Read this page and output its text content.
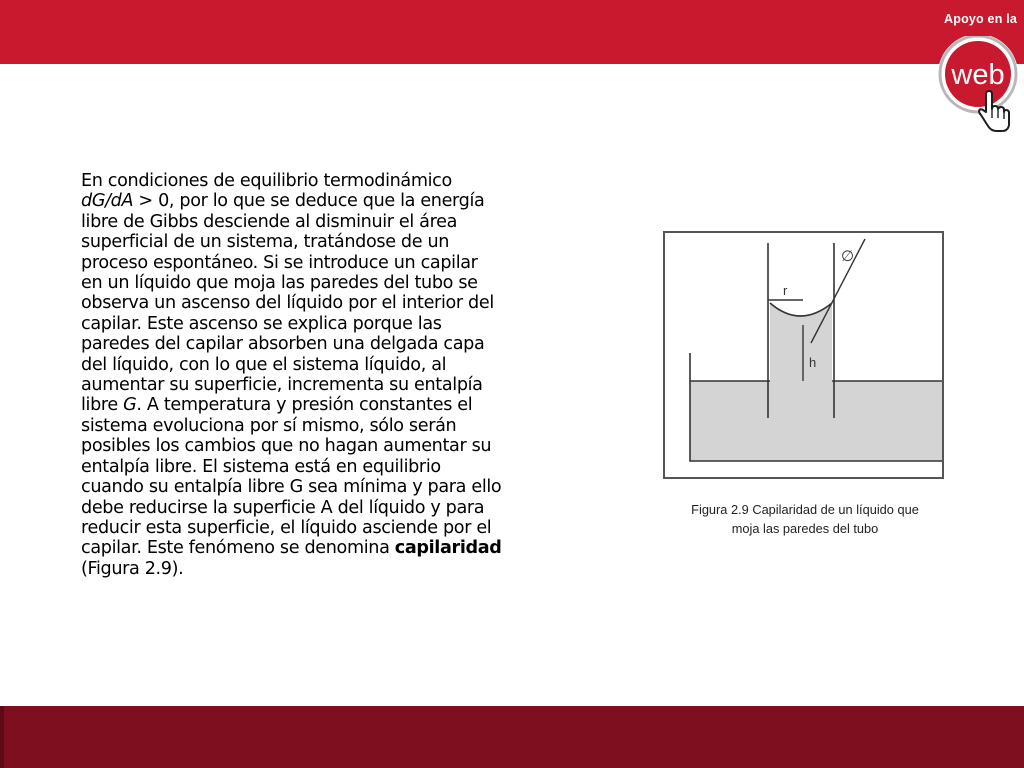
Apoyo en la
web
En condiciones de equilibrio termodinámico
dG/dA > 0, por lo que se deduce que la energía
libre de Gibbs desciende al disminuir el área
superficial de un sistema, tratándose de un
proceso espontáneo. Si se introduce un capilar
en un líquido que moja las paredes del tubo se
observa un ascenso del líquido por el interior del
capilar. Este ascenso se explica porque las
paredes del capilar absorben una delgada capa
del líquido, con lo que el sistema líquido, al
aumentar su superficie, incrementa su entalpía
libre G. A temperatura y presión constantes el
sistema evoluciona por sí mismo, sólo serán
posibles los cambios que no hagan aumentar su
entalpía libre. El sistema está en equilibrio
cuando su entalpía libre G sea mínima y para ello
debe reducirse la superficie A del líquido y para
reducir esta superficie, el líquido asciende por el
capilar. Este fenómeno se denomina capilaridad
(Figura 2.9).
r
∅
h
Figura 2.9 Capilaridad de un líquido que
moja las paredes del tubo
